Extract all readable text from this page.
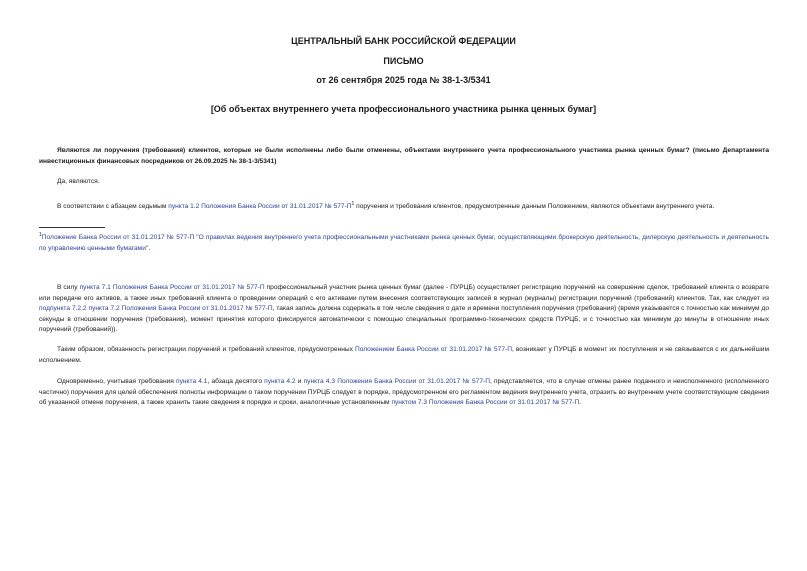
ЦЕНТРАЛЬНЫЙ БАНК РОССИЙСКОЙ ФЕДЕРАЦИИ
ПИСЬМО
от 26 сентября 2025 года № 38-1-3/5341
[Об объектах внутреннего учета профессионального участника рынка ценных бумаг]

Являются ли поручения (требования) клиентов, которые не были исполнены либо были отменены, объектами внутреннего учета профессионального участника рынка ценных бумаг? (письмо Департамента инвестиционных финансовых посредников от 26.09.2025 № 38-1-3/5341)

Да, являются.

В соответствии с абзацем седьмым пункта 1.2 Положения Банка России от 31.01.2017 № $577-П^1$ поручения и требования клиентов, предусмотренные данным Положением, являются объектами внутреннего учета.

$^1$Положение Банка России от 31.01.2017 № 577-П "О правилах ведения внутреннего учета профессиональными участниками рынка ценных бумаг, осуществляющими брокерскую деятельность, дилерскую деятельность и деятельность по управлению ценными бумагами".

В силу пункта 7.1 Положения Банка России от 31.01.2017 № 577-П профессиональный участник рынка ценных бумаг (далее - ПУРЦБ) осуществляет регистрацию поручений на совершение сделок, требований клиента о возврате или передаче его активов, а также иных требований клиента о проведении операций с его активами путем внесения соответствующих записей в журнал (журналы) регистрации поручений (требований) клиентов. Так, как следует из подпункта 7.2.2 пункта 7.2 Положения Банка России от 31.01.2017 № 577-П, такая запись должна содержать в том числе сведения о дате и времени поступления поручения (требования) (время указывается с точностью как минимум до секунды в отношении поручения (требования), момент принятия которого фиксируется автоматически с помощью специальных программно-технических средств ПУРЦБ, и с точностью как минимум до минуты в отношении иных поручений (требований)).

Таким образом, обязанность регистрации поручений и требований клиентов, предусмотренных Положением Банка России от 31.01.2017 № 577-П, возникает у ПУРЦБ в момент их поступления и не связывается с их дальнейшим исполнением.

Одновременно, учитывая требования пункта 4.1, абзаца десятого пункта 4.2 и пункта 4.3 Положения Банка России от 31.01.2017 № 577-П, представляется, что в случае отмены ранее поданного и неисполненного (исполненного частично) поручения для целей обеспечения полноты информации о таком поручении ПУРЦБ следует в порядке, предусмотренном его регламентом ведения внутреннего учета, отразить во внутреннем учете соответствующие сведения об указанной отмене поручения, а также хранить такие сведения в порядке и сроки, аналогичные установленным пунктом 7.3 Положения Банка России от 31.01.2017 № 577-П.
